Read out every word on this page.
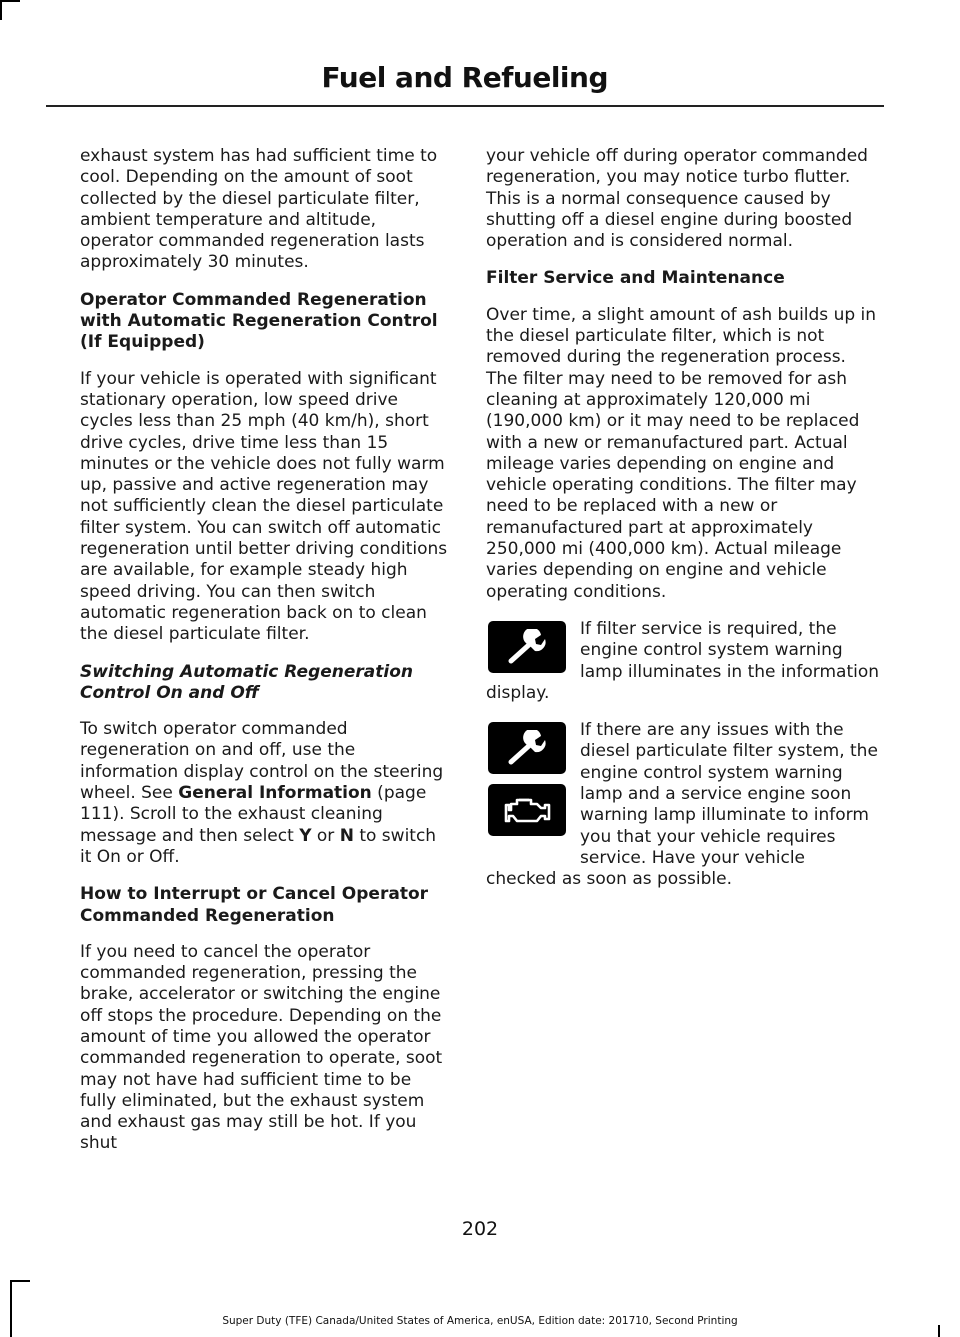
Fuel and Refueling

exhaust system has had sufficient time to cool. Depending on the amount of soot collected by the diesel particulate filter, ambient temperature and altitude, operator commanded regeneration lasts approximately 30 minutes.

Operator Commanded Regeneration with Automatic Regeneration Control (If Equipped)

If your vehicle is operated with significant stationary operation, low speed drive cycles less than 25 mph (40 km/h), short drive cycles, drive time less than 15 minutes or the vehicle does not fully warm up, passive and active regeneration may not sufficiently clean the diesel particulate filter system. You can switch off automatic regeneration until better driving conditions are available, for example steady high speed driving. You can then switch automatic regeneration back on to clean the diesel particulate filter.

Switching Automatic Regeneration Control On and Off

To switch operator commanded regeneration on and off, use the information display control on the steering wheel. See General Information (page 111). Scroll to the exhaust cleaning message and then select Y or N to switch it On or Off.

How to Interrupt or Cancel Operator Commanded Regeneration

If you need to cancel the operator commanded regeneration, pressing the brake, accelerator or switching the engine off stops the procedure. Depending on the amount of time you allowed the operator commanded regeneration to operate, soot may not have had sufficient time to be fully eliminated, but the exhaust system and exhaust gas may still be hot. If you shut

your vehicle off during operator commanded regeneration, you may notice turbo flutter. This is a normal consequence caused by shutting off a diesel engine during boosted operation and is considered normal.

Filter Service and Maintenance

Over time, a slight amount of ash builds up in the diesel particulate filter, which is not removed during the regeneration process. The filter may need to be removed for ash cleaning at approximately 120,000 mi (190,000 km) or it may need to be replaced with a new or remanufactured part. Actual mileage varies depending on engine and vehicle operating conditions. The filter may need to be replaced with a new or remanufactured part at approximately 250,000 mi (400,000 km). Actual mileage varies depending on engine and vehicle operating conditions.

If filter service is required, the engine control system warning lamp illuminates in the information display.

If there are any issues with the diesel particulate filter system, the engine control system warning lamp and a service engine soon warning lamp illuminate to inform you that your vehicle requires service. Have your vehicle checked as soon as possible.

202

Super Duty (TFE) Canada/United States of America, enUSA, Edition date: 201710, Second Printing
